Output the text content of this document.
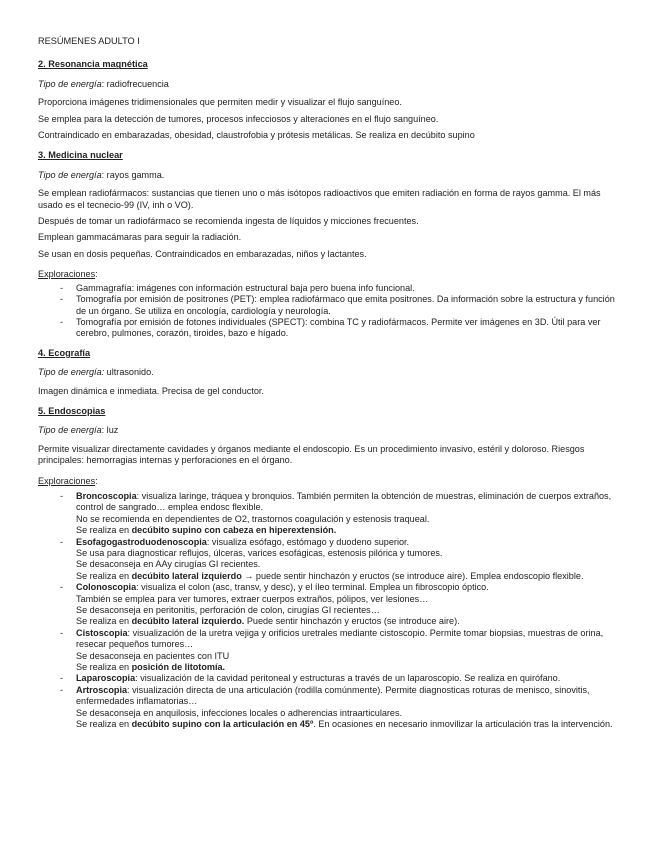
RESÚMENES ADULTO I
2. Resonancia magnética
Tipo de energía: radiofrecuencia

Proporciona imágenes tridimensionales que permiten medir y visualizar el flujo sanguíneo.

Se emplea para la detección de tumores, procesos infecciosos y alteraciones en el flujo sanguíneo.

Contraindicado en embarazadas, obesidad, claustrofobia y prótesis metálicas. Se realiza en decúbito supino

3. Medicina nuclear
Tipo de energía: rayos gamma.

Se emplean radiofármacos: sustancias que tienen uno o más isótopos radioactivos que emiten radiación en forma de rayos gamma. El más usado es el tecnecio-99 (IV, inh o VO).

Después de tomar un radiofármaco se recomienda ingesta de líquidos y micciones frecuentes.

Emplean gammacámaras para seguir la radiación.

Se usan en dosis pequeñas. Contraindicados en embarazadas, niños y lactantes.

Exploraciones:
- Gammagrafía: imágenes con información estructural baja pero buena info funcional.
- Tomografía por emisión de positrones (PET): emplea radiofármaco que emita positrones. Da información sobre la estructura y función de un órgano. Se utiliza en oncología, cardiología y neurología.
- Tomografía por emisión de fotones individuales (SPECT): combina TC y radiofármacos. Permite ver imágenes en 3D. Útil para ver cerebro, pulmones, corazón, tiroides, bazo e hígado.
4. Ecografía
Tipo de energía: ultrasonido.

Imagen dinámica e inmediata. Precisa de gel conductor.

5. Endoscopias
Tipo de energía: luz

Permite visualizar directamente cavidades y órganos mediante el endoscopio. Es un procedimiento invasivo, estéril y doloroso. Riesgos principales: hemorragias internas y perforaciones en el órgano.

Exploraciones:
- Broncoscopia: visualiza laringe, tráquea y bronquios. También permiten la obtención de muestras, eliminación de cuerpos extraños, control de sangrado… emplea endosc flexible.
No se recomienda en dependientes de O2, trastornos coagulación y estenosis traqueal.
Se realiza en decúbito supino con cabeza en hiperextensión.
- Esofagogastroduodenoscopia: visualiza esófago, estómago y duodeno superior.
Se usa para diagnosticar reflujos, úlceras, varices esofágicas, estenosis pilórica y tumores.
Se desaconseja en AAy cirugías GI recientes.
Se realiza en decúbito lateral izquierdo → puede sentir hinchazón y eructos (se introduce aire). Emplea endoscopio flexible.
- Colonoscopia: visualiza el colon (asc, transv, y desc), y el íleo terminal. Emplea un fibroscopio óptico.
También se emplea para ver tumores, extraer cuerpos extraños, pólipos, ver lesiones…
Se desaconseja en peritonitis, perforación de colon, cirugías GI recientes…
Se realiza en decúbito lateral izquierdo. Puede sentir hinchazón y eructos (se introduce aire).
- Cistoscopia: visualización de la uretra vejiga y orificios uretrales mediante cistoscopio. Permite tomar biopsias, muestras de orina, resecar pequeños tumores…
Se desaconseja en pacientes con ITU
Se realiza en posición de litotomía.
- Laparoscopia: visualización de la cavidad peritoneal y estructuras a través de un laparoscopio. Se realiza en quirófano.
- Artroscopia: visualización directa de una articulación (rodilla comúnmente). Permite diagnosticas roturas de menisco, sinovitis, enfermedades inflamatorias…
Se desaconseja en anquilosis, infecciones locales o adherencias intraarticulares.
Se realiza en decúbito supino con la articulación en 45º. En ocasiones en necesario inmovilizar la articulación tras la intervención.
